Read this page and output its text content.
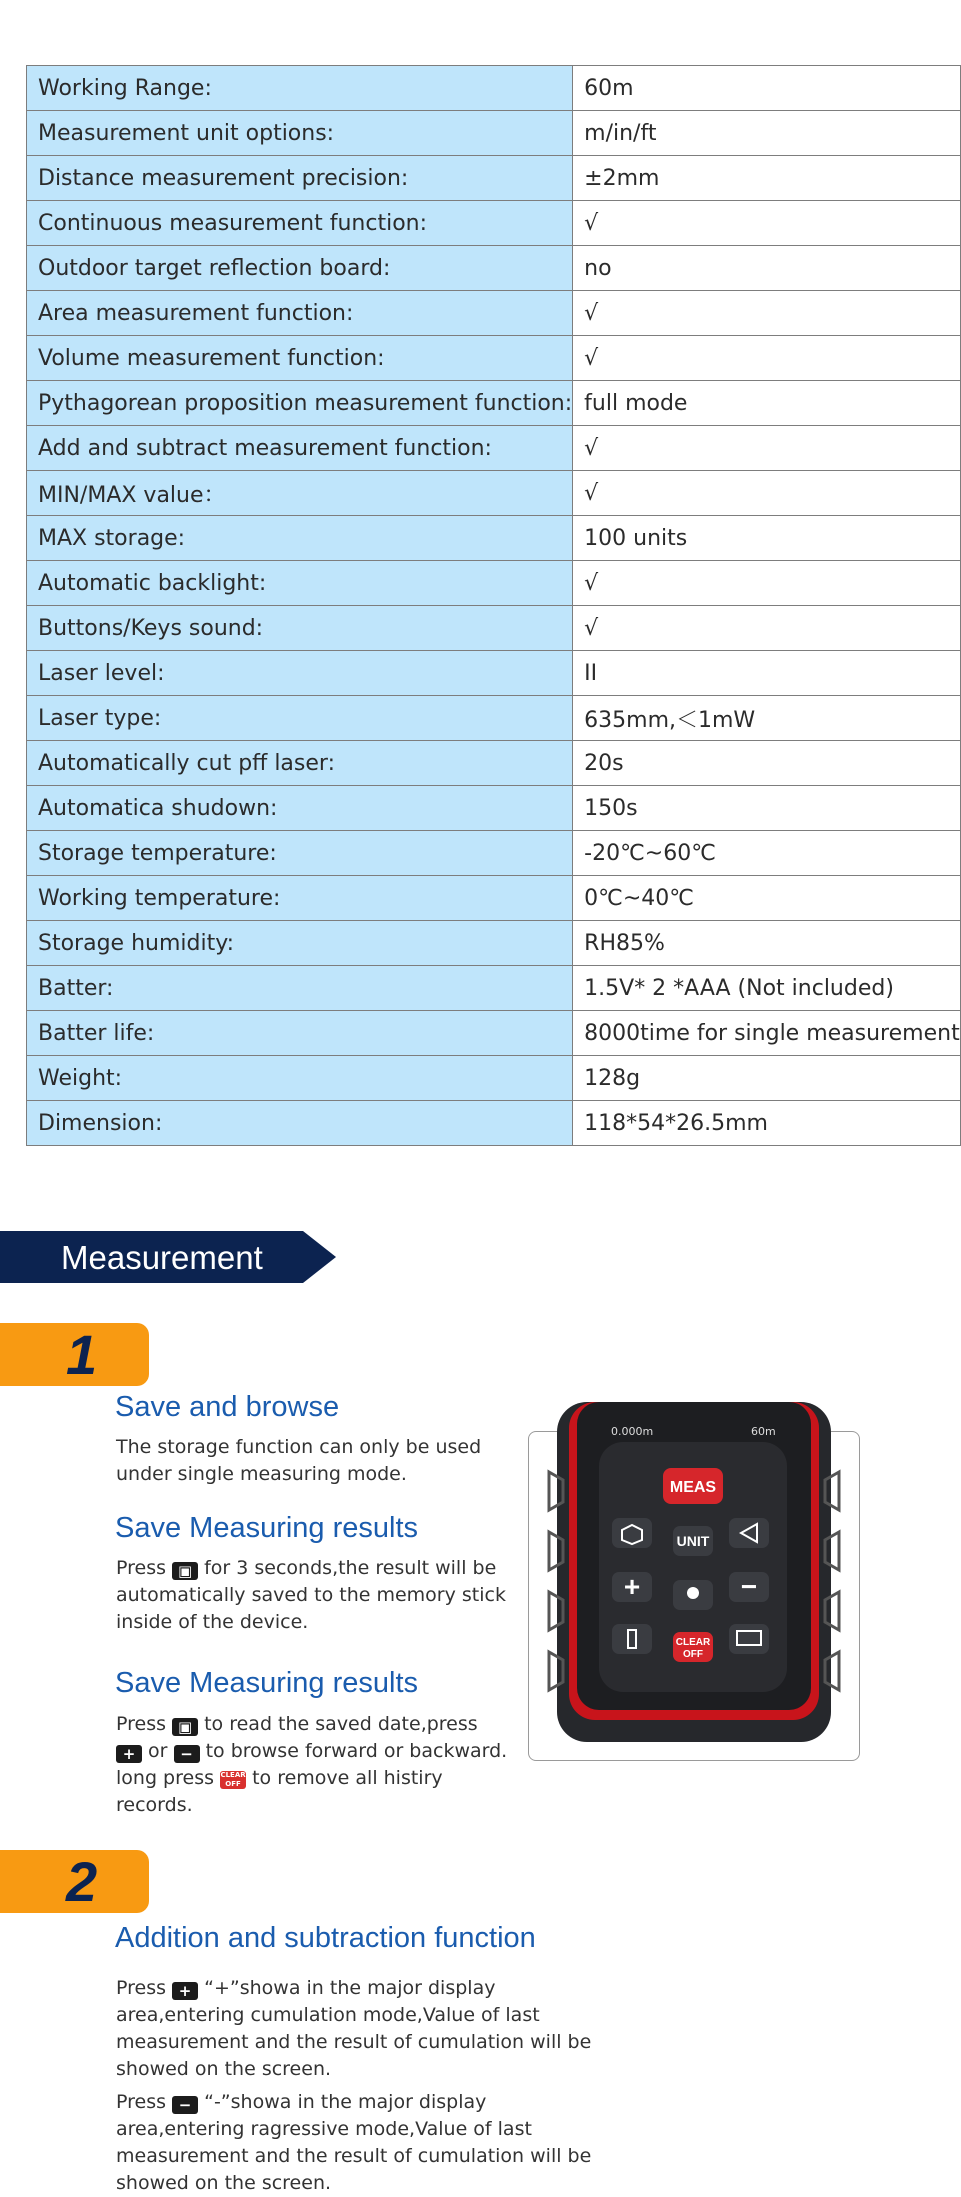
Working Range:	60m
Measurement unit options:	m/in/ft
Distance measurement precision:	±2mm
Continuous measurement function:	√
Outdoor target reflection board:	no
Area measurement function:	√
Volume measurement function:	√
Pythagorean proposition measurement function:	full mode
Add and subtract measurement function:	√
MIN/MAX value：	√
MAX storage:	100 units
Automatic backlight:	√
Buttons/Keys sound:	√
Laser level:	II
Laser type:	635mm,＜1mW
Automatically cut pff laser:	20s
Automatica shudown:	150s
Storage temperature:	-20℃~60℃
Working temperature:	0℃~40℃
Storage humidity:	RH85%
Batter:	1.5V* 2 *AAA (Not included)
Batter life:	8000time for single measurement
Weight:	128g
Dimension:	118*54*26.5mm
Measurement
1
Save and browse
The storage function can only be used under single measuring mode.
Save Measuring results
Press ▣ for 3 seconds,the result will be automatically saved to the memory stick inside of the device.
Save Measuring results
Press ▣ to read the saved date,press
+ or − to browse forward or backward.
long press CLEAR
OFF to remove all histiry records.
0.000m	60m
MEAS
UNIT
+	−
CLEAR
OFF
2
Addition and subtraction function
Press + “+”showa in the major display area,entering cumulation mode,Value of last measurement and the result of cumulation will be showed on the screen.
Press − “-”showa in the major display area,entering ragressive mode,Value of last measurement and the result of cumulation will be showed on the screen.
